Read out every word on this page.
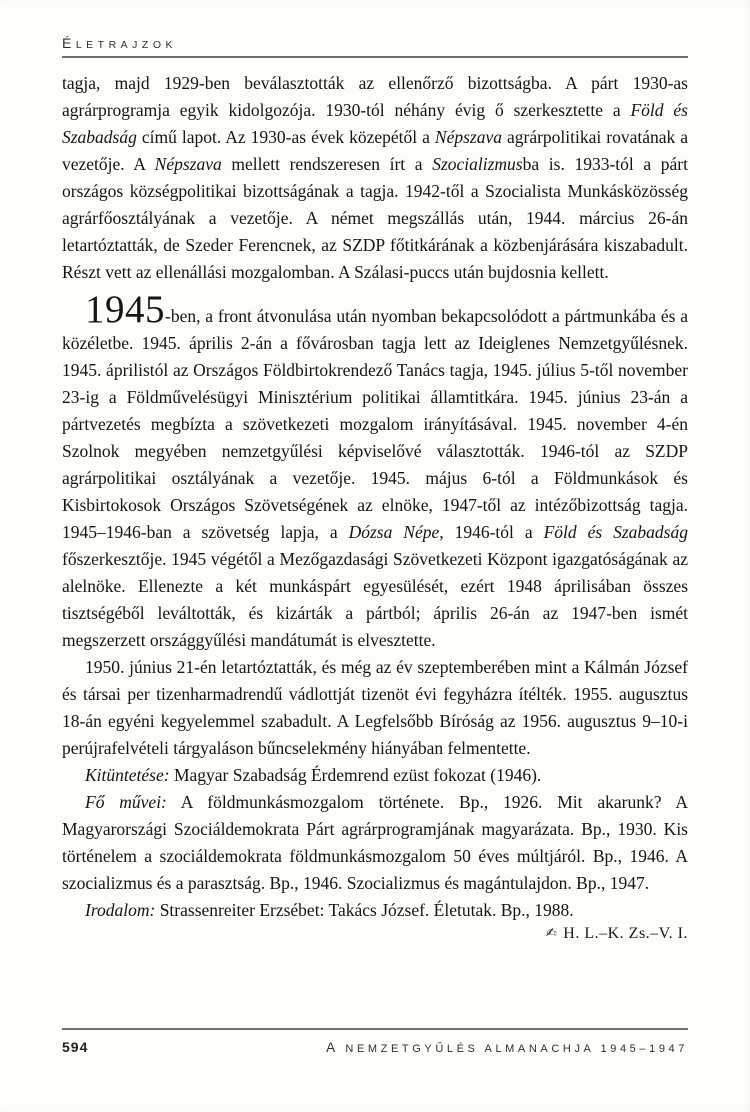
ÉLETRAJZOK

tagja, majd 1929-ben beválasztották az ellenőrző bizottságba. A párt 1930-as agrárprogramja egyik kidolgozója. 1930-tól néhány évig ő szerkesztette a Föld és Szabadság című lapot. Az 1930-as évek közepétől a Népszava agrárpolitikai rovatának a vezetője. A Népszava mellett rendszeresen írt a Szocializmusba is. 1933-tól a párt országos községpolitikai bizottságának a tagja. 1942-től a Szocialista Munkásközösség agrárfőosztályának a vezetője. A német megszállás után, 1944. március 26-án letartóztatták, de Szeder Ferencnek, az SZDP főtitkárának a közbenjárására kiszabadult. Részt vett az ellenállási mozgalomban. A Szálasi-puccs után bujdosnia kellett.

1945-ben, a front átvonulása után nyomban bekapcsolódott a pártmunkába és a közéletbe. 1945. április 2-án a fővárosban tagja lett az Ideiglenes Nemzetgyűlésnek. 1945. áprilistól az Országos Földbirtokrendező Tanács tagja, 1945. július 5-től november 23-ig a Földművelésügyi Minisztérium politikai államtitkára. 1945. június 23-án a pártvezetés megbízta a szövetkezeti mozgalom irányításával. 1945. november 4-én Szolnok megyében nemzetgyűlési képviselővé választották. 1946-tól az SZDP agrárpolitikai osztályának a vezetője. 1945. május 6-tól a Földmunkások és Kisbirtokosok Országos Szövetségének az elnöke, 1947-től az intézőbizottság tagja. 1945–1946-ban a szövetség lapja, a Dózsa Népe, 1946-tól a Föld és Szabadság főszerkesztője. 1945 végétől a Mezőgazdasági Szövetkezeti Központ igazgatóságának az alelnöke. Ellenezte a két munkáspárt egyesülését, ezért 1948 áprilisában összes tisztségéből leváltották, és kizárták a pártból; április 26-án az 1947-ben ismét megszerzett országgyűlési mandátumát is elvesztette.

1950. június 21-én letartóztatták, és még az év szeptemberében mint a Kálmán József és társai per tizenharmadrendű vádlottját tizenöt évi fegyházra ítélték. 1955. augusztus 18-án egyéni kegyelemmel szabadult. A Legfelsőbb Bíróság az 1956. augusztus 9–10-i perújrafelvételi tárgyaláson bűncselekmény hiányában felmentette.

Kitüntetése: Magyar Szabadság Érdemrend ezüst fokozat (1946).

Fő művei: A földmunkásmozgalom története. Bp., 1926. Mit akarunk? A Magyarországi Szociáldemokrata Párt agrárprogramjának magyarázata. Bp., 1930. Kis történelem a szociáldemokrata földmunkásmozgalom 50 éves múltjáról. Bp., 1946. A szocializmus és a parasztság. Bp., 1946. Szocializmus és magántulajdon. Bp., 1947.

Irodalom: Strassenreiter Erzsébet: Takács József. Életutak. Bp., 1988.

✍ H. L.–K. Zs.–V. I.
594	A NEMZETGYŰLÉS ALMANACHJA 1945–1947
